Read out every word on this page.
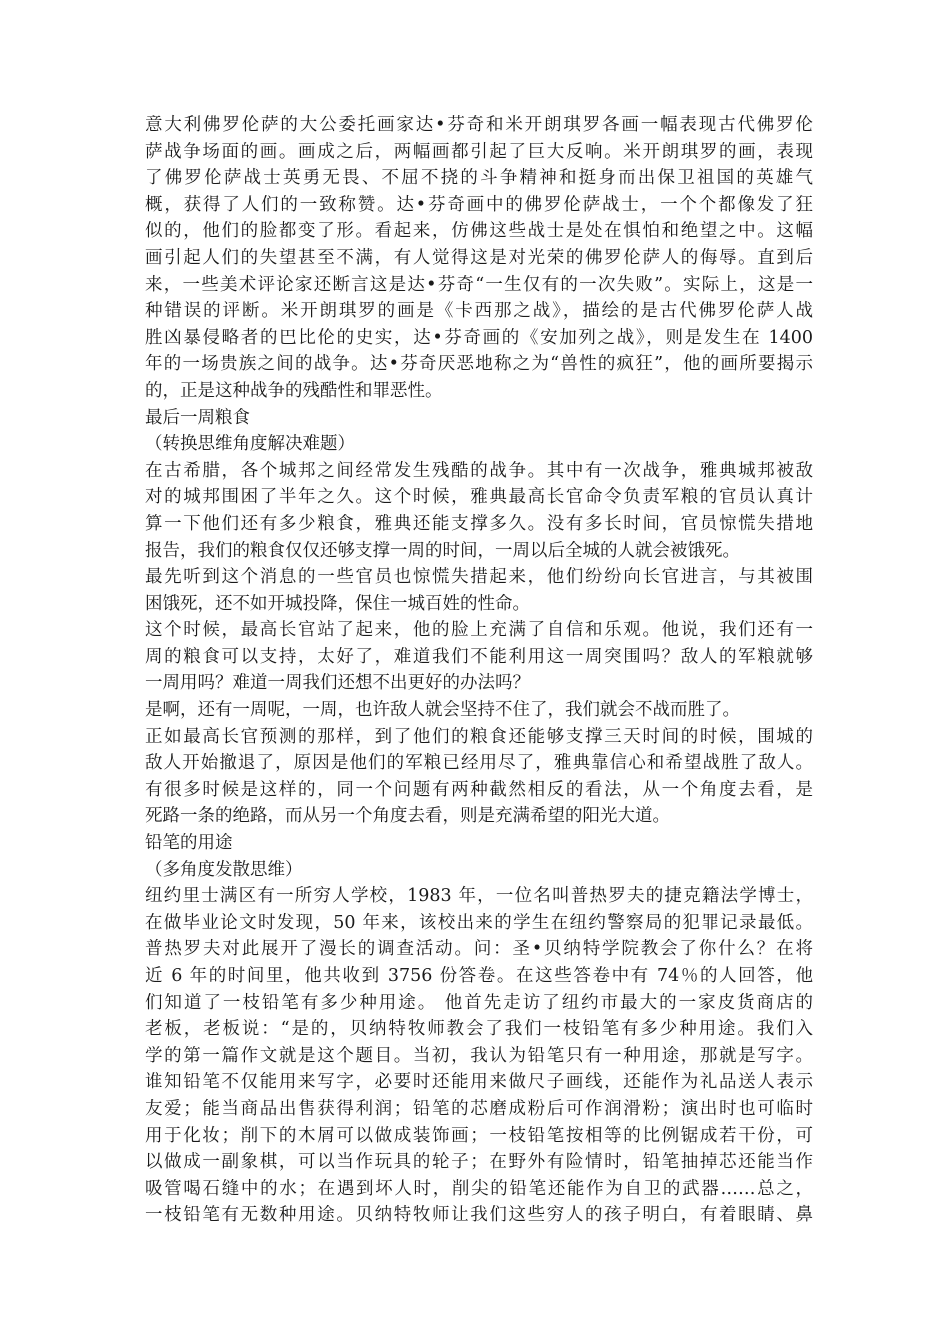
意大利佛罗伦萨的大公委托画家达•芬奇和米开朗琪罗各画一幅表现古代佛罗伦
萨战争场面的画。画成之后，两幅画都引起了巨大反响。米开朗琪罗的画，表现
了佛罗伦萨战士英勇无畏、不屈不挠的斗争精神和挺身而出保卫祖国的英雄气
概，获得了人们的一致称赞。达•芬奇画中的佛罗伦萨战士，一个个都像发了狂
似的，他们的脸都变了形。看起来，仿佛这些战士是处在惧怕和绝望之中。这幅
画引起人们的失望甚至不满，有人觉得这是对光荣的佛罗伦萨人的侮辱。直到后
来，一些美术评论家还断言这是达•芬奇“一生仅有的一次失败”。实际上，这是一
种错误的评断。米开朗琪罗的画是《卡西那之战》，描绘的是古代佛罗伦萨人战
胜凶暴侵略者的巴比伦的史实，达•芬奇画的《安加列之战》，则是发生在 1400
年的一场贵族之间的战争。达•芬奇厌恶地称之为“兽性的疯狂”，他的画所要揭示
的，正是这种战争的残酷性和罪恶性。
最后一周粮食
（转换思维角度解决难题）
在古希腊，各个城邦之间经常发生残酷的战争。其中有一次战争，雅典城邦被敌
对的城邦围困了半年之久。这个时候，雅典最高长官命令负责军粮的官员认真计
算一下他们还有多少粮食，雅典还能支撑多久。没有多长时间，官员惊慌失措地
报告，我们的粮食仅仅还够支撑一周的时间，一周以后全城的人就会被饿死。
最先听到这个消息的一些官员也惊慌失措起来，他们纷纷向长官进言，与其被围
困饿死，还不如开城投降，保住一城百姓的性命。
这个时候，最高长官站了起来，他的脸上充满了自信和乐观。他说，我们还有一
周的粮食可以支持，太好了，难道我们不能利用这一周突围吗？敌人的军粮就够
一周用吗？难道一周我们还想不出更好的办法吗？
是啊，还有一周呢，一周，也许敌人就会坚持不住了，我们就会不战而胜了。
正如最高长官预测的那样，到了他们的粮食还能够支撑三天时间的时候，围城的
敌人开始撤退了，原因是他们的军粮已经用尽了，雅典靠信心和希望战胜了敌人。
有很多时候是这样的，同一个问题有两种截然相反的看法，从一个角度去看，是
死路一条的绝路，而从另一个角度去看，则是充满希望的阳光大道。
铅笔的用途
（多角度发散思维）
纽约里士满区有一所穷人学校，1983 年，一位名叫普热罗夫的捷克籍法学博士，
在做毕业论文时发现，50 年来，该校出来的学生在纽约警察局的犯罪记录最低。
普热罗夫对此展开了漫长的调查活动。问：圣•贝纳特学院教会了你什么？在将
近 6 年的时间里，他共收到 3756 份答卷。在这些答卷中有 74％的人回答，他
们知道了一枝铅笔有多少种用途。 他首先走访了纽约市最大的一家皮货商店的
老板，老板说：“是的，贝纳特牧师教会了我们一枝铅笔有多少种用途。我们入
学的第一篇作文就是这个题目。当初，我认为铅笔只有一种用途，那就是写字。
谁知铅笔不仅能用来写字，必要时还能用来做尺子画线，还能作为礼品送人表示
友爱；能当商品出售获得利润；铅笔的芯磨成粉后可作润滑粉；演出时也可临时
用于化妆；削下的木屑可以做成装饰画；一枝铅笔按相等的比例锯成若干份，可
以做成一副象棋，可以当作玩具的轮子；在野外有险情时，铅笔抽掉芯还能当作
吸管喝石缝中的水；在遇到坏人时，削尖的铅笔还能作为自卫的武器……总之，
一枝铅笔有无数种用途。贝纳特牧师让我们这些穷人的孩子明白，有着眼睛、鼻
